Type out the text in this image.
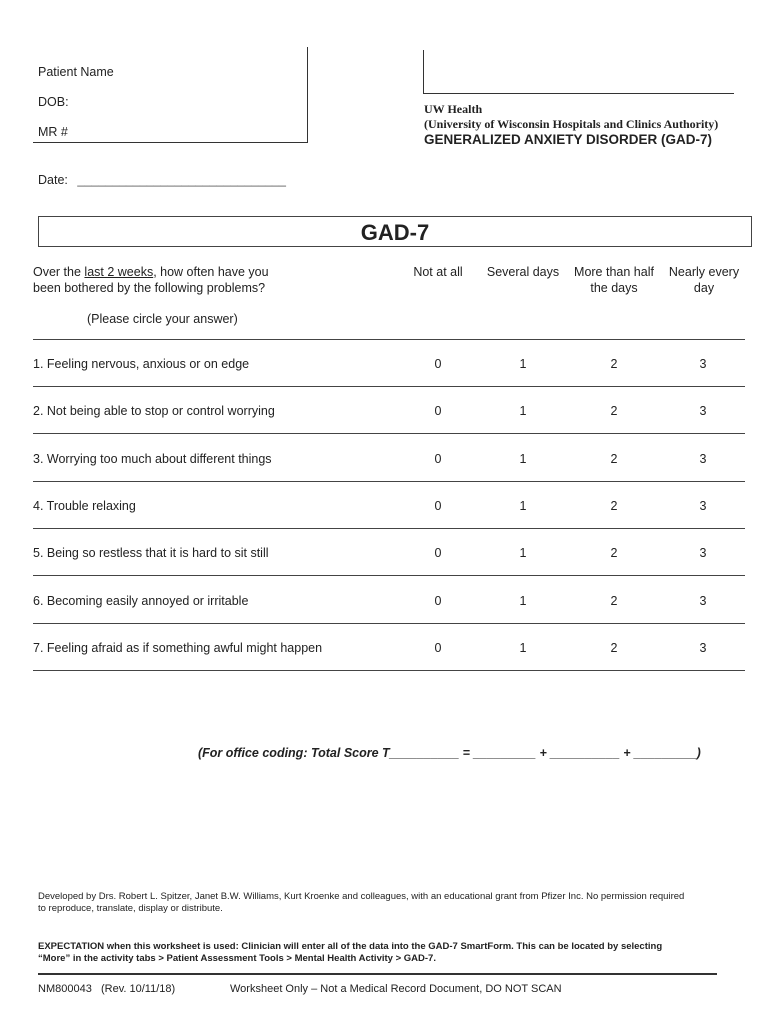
Patient Name
DOB:
MR #
UW Health
(University of Wisconsin Hospitals and Clinics Authority)
GENERALIZED ANXIETY DISORDER (GAD-7)
Date: ______________________________
GAD-7
Over the last 2 weeks, how often have you
been bothered by the following problems?
(Please circle your answer)
Not at all	Several days	More than half
the days
Nearly every
day
1. Feeling nervous, anxious or on edge	0	1	2	3
2. Not being able to stop or control worrying	0	1	2	3
3. Worrying too much about different things	0	1	2	3
4. Trouble relaxing	0	1	2	3
5. Being so restless that it is hard to sit still	0	1	2	3
6. Becoming easily annoyed or irritable	0	1	2	3
7. Feeling afraid as if something awful might happen	0	1	2	3
(For office coding: Total Score T__________ = _________ + __________ + _________)
Developed by Drs. Robert L. Spitzer, Janet B.W. Williams, Kurt Kroenke and colleagues, with an educational grant from Pfizer Inc. No permission required
to reproduce, translate, display or distribute.
EXPECTATION when this worksheet is used: Clinician will enter all of the data into the GAD-7 SmartForm. This can be located by selecting
“More” in the activity tabs > Patient Assessment Tools > Mental Health Activity > GAD-7.
NM800043   (Rev. 10/11/18)	Worksheet Only – Not a Medical Record Document, DO NOT SCAN
